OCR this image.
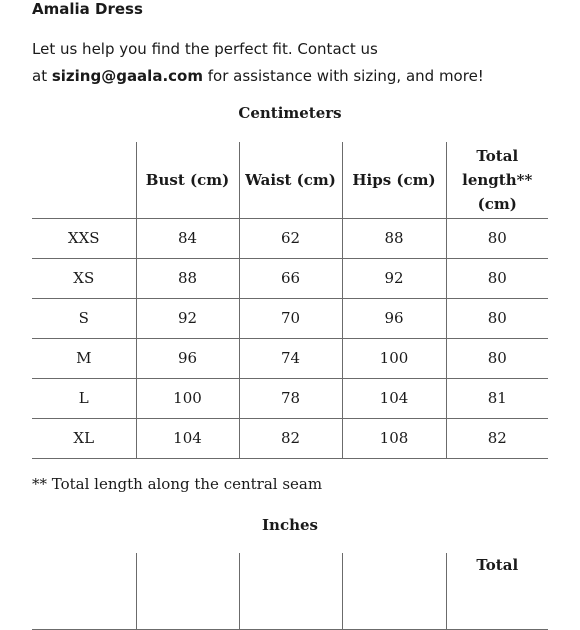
Amalia Dress
Let us help you find the perfect fit. Contact us
at sizing@gaala.com for assistance with sizing, and more!
Centimeters
	Bust (cm)	Waist (cm)	Hips (cm)	Total
length**
(cm)

XXS	84	62	88	80
XS	88	66	92	80
S	92	70	96	80
M	96	74	100	80
L	100	78	104	81
XL	104	82	108	82
** Total length along the central seam
Inches

Total
